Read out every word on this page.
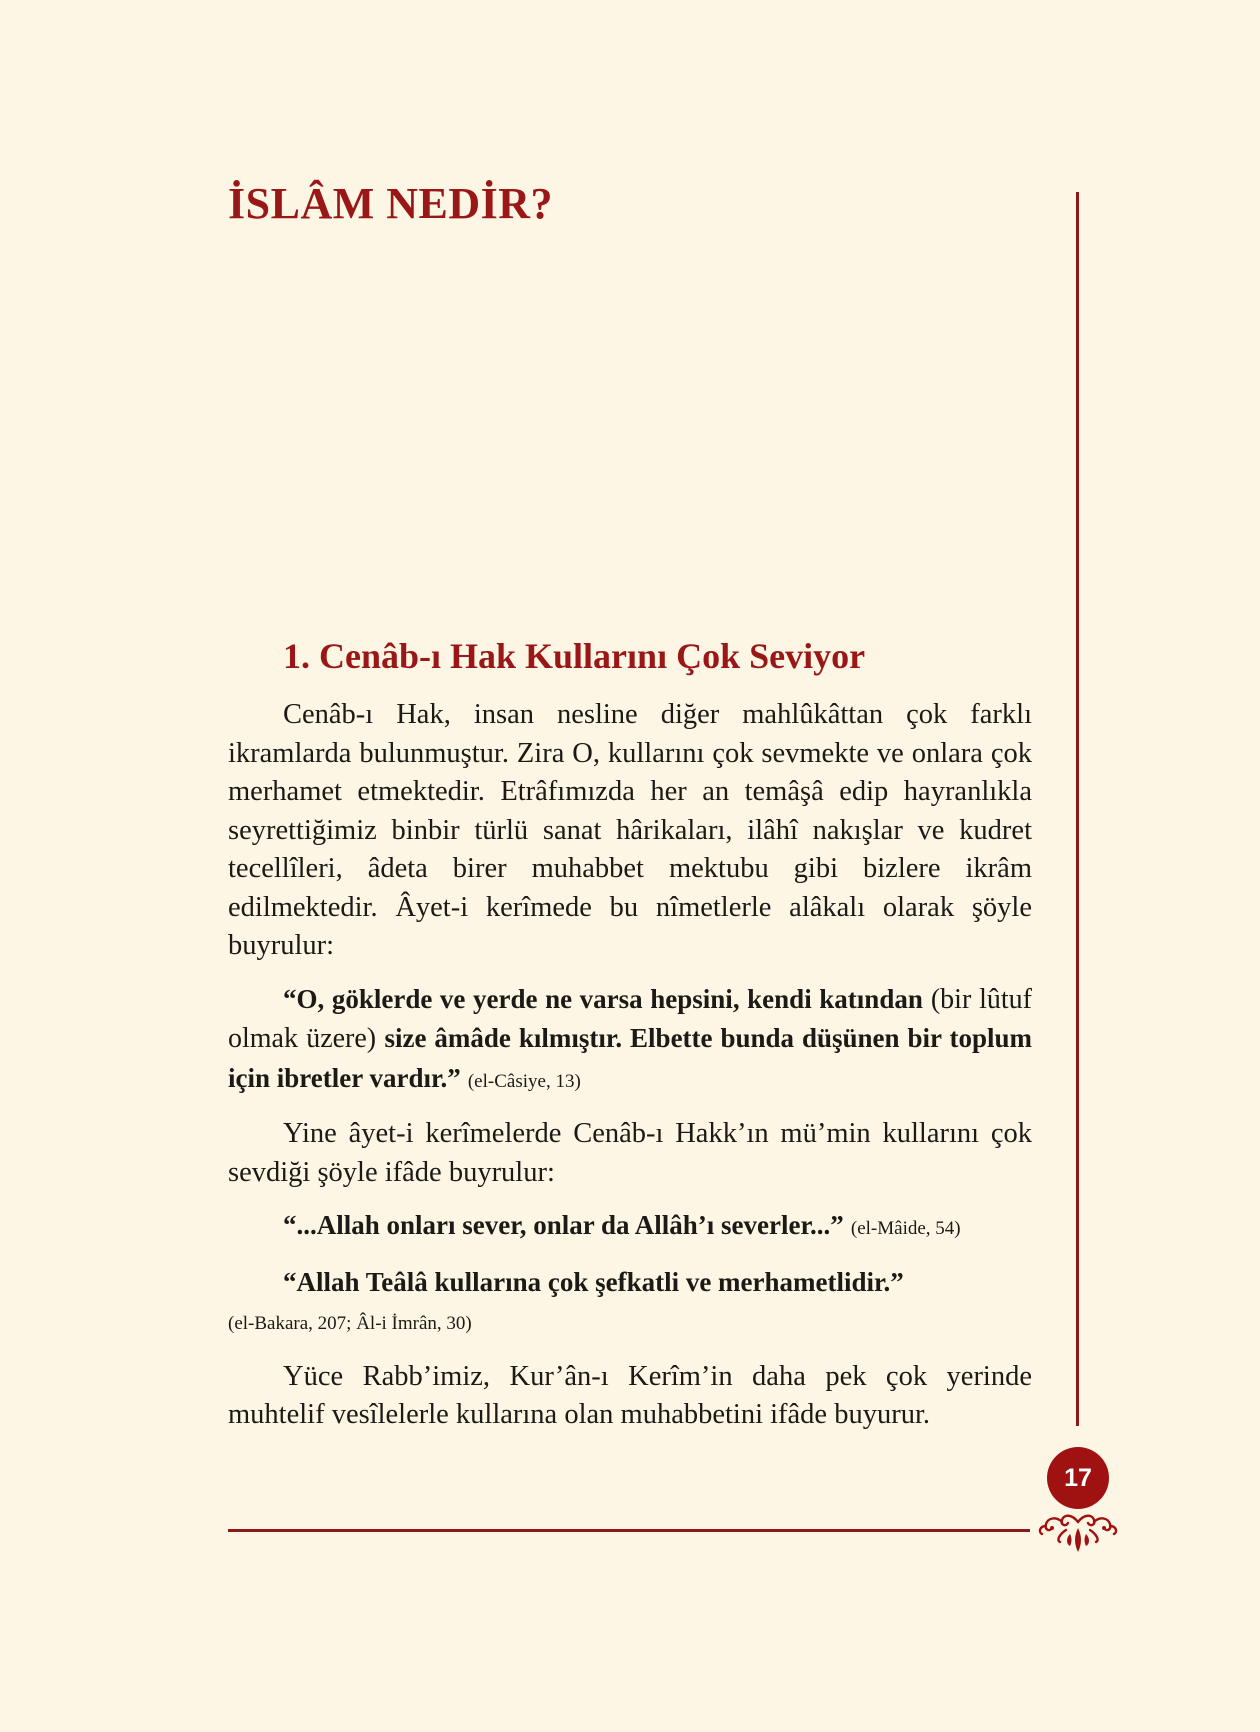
İSLÂM NEDİR?
1. Cenâb-ı Hak Kullarını Çok Seviyor

Cenâb-ı Hak, insan nesline diğer mahlûkâttan çok farklı ikramlarda bulunmuştur. Zira O, kullarını çok sevmekte ve onlara çok merhamet etmektedir. Etrâfımızda her an temâşâ edip hayranlıkla seyrettiğimiz binbir türlü sanat hârikaları, ilâhî nakışlar ve kudret tecellîleri, âdeta birer muhabbet mektubu gibi bizlere ikrâm edilmektedir. Âyet-i kerîmede bu nîmetlerle alâkalı olarak şöyle buyrulur:

“O, göklerde ve yerde ne varsa hepsini, kendi katından (bir lûtuf olmak üzere) size âmâde kılmıştır. Elbette bunda düşünen bir toplum için ibretler vardır.” (el-Câsiye, 13)

Yine âyet-i kerîmelerde Cenâb-ı Hakk’ın mü’min kullarını çok sevdiği şöyle ifâde buyrulur:

“...Allah onları sever, onlar da Allâh’ı severler...” (el-Mâide, 54)

“Allah Teâlâ kullarına çok şefkatli ve merhametlidir.”

(el-Bakara, 207; Âl-i İmrân, 30)

Yüce Rabb’imiz, Kur’ân-ı Kerîm’in daha pek çok yerinde muhtelif vesîlelerle kullarına olan muhabbetini ifâde buyurur.

17
